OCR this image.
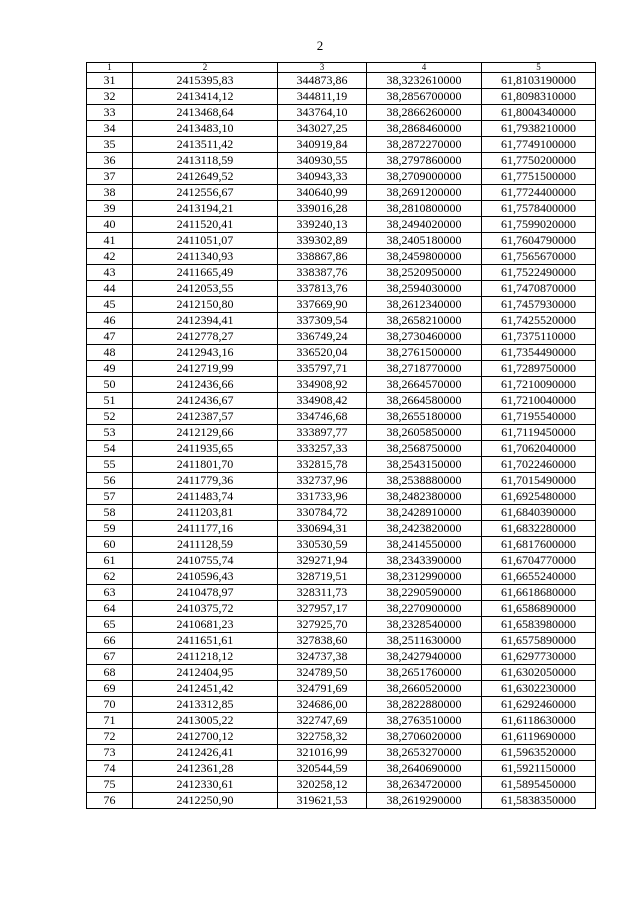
2
1	2	3	4	5
31	2415395,83	344873,86	38,3232610000	61,8103190000
32	2413414,12	344811,19	38,2856700000	61,8098310000
33	2413468,64	343764,10	38,2866260000	61,8004340000
34	2413483,10	343027,25	38,2868460000	61,7938210000
35	2413511,42	340919,84	38,2872270000	61,7749100000
36	2413118,59	340930,55	38,2797860000	61,7750200000
37	2412649,52	340943,33	38,2709000000	61,7751500000
38	2412556,67	340640,99	38,2691200000	61,7724400000
39	2413194,21	339016,28	38,2810800000	61,7578400000
40	2411520,41	339240,13	38,2494020000	61,7599020000
41	2411051,07	339302,89	38,2405180000	61,7604790000
42	2411340,93	338867,86	38,2459800000	61,7565670000
43	2411665,49	338387,76	38,2520950000	61,7522490000
44	2412053,55	337813,76	38,2594030000	61,7470870000
45	2412150,80	337669,90	38,2612340000	61,7457930000
46	2412394,41	337309,54	38,2658210000	61,7425520000
47	2412778,27	336749,24	38,2730460000	61,7375110000
48	2412943,16	336520,04	38,2761500000	61,7354490000
49	2412719,99	335797,71	38,2718770000	61,7289750000
50	2412436,66	334908,92	38,2664570000	61,7210090000
51	2412436,67	334908,42	38,2664580000	61,7210040000
52	2412387,57	334746,68	38,2655180000	61,7195540000
53	2412129,66	333897,77	38,2605850000	61,7119450000
54	2411935,65	333257,33	38,2568750000	61,7062040000
55	2411801,70	332815,78	38,2543150000	61,7022460000
56	2411779,36	332737,96	38,2538880000	61,7015490000
57	2411483,74	331733,96	38,2482380000	61,6925480000
58	2411203,81	330784,72	38,2428910000	61,6840390000
59	2411177,16	330694,31	38,2423820000	61,6832280000
60	2411128,59	330530,59	38,2414550000	61,6817600000
61	2410755,74	329271,94	38,2343390000	61,6704770000
62	2410596,43	328719,51	38,2312990000	61,6655240000
63	2410478,97	328311,73	38,2290590000	61,6618680000
64	2410375,72	327957,17	38,2270900000	61,6586890000
65	2410681,23	327925,70	38,2328540000	61,6583980000
66	2411651,61	327838,60	38,2511630000	61,6575890000
67	2411218,12	324737,38	38,2427940000	61,6297730000
68	2412404,95	324789,50	38,2651760000	61,6302050000
69	2412451,42	324791,69	38,2660520000	61,6302230000
70	2413312,85	324686,00	38,2822880000	61,6292460000
71	2413005,22	322747,69	38,2763510000	61,6118630000
72	2412700,12	322758,32	38,2706020000	61,6119690000
73	2412426,41	321016,99	38,2653270000	61,5963520000
74	2412361,28	320544,59	38,2640690000	61,5921150000
75	2412330,61	320258,12	38,2634720000	61,5895450000
76	2412250,90	319621,53	38,2619290000	61,5838350000
